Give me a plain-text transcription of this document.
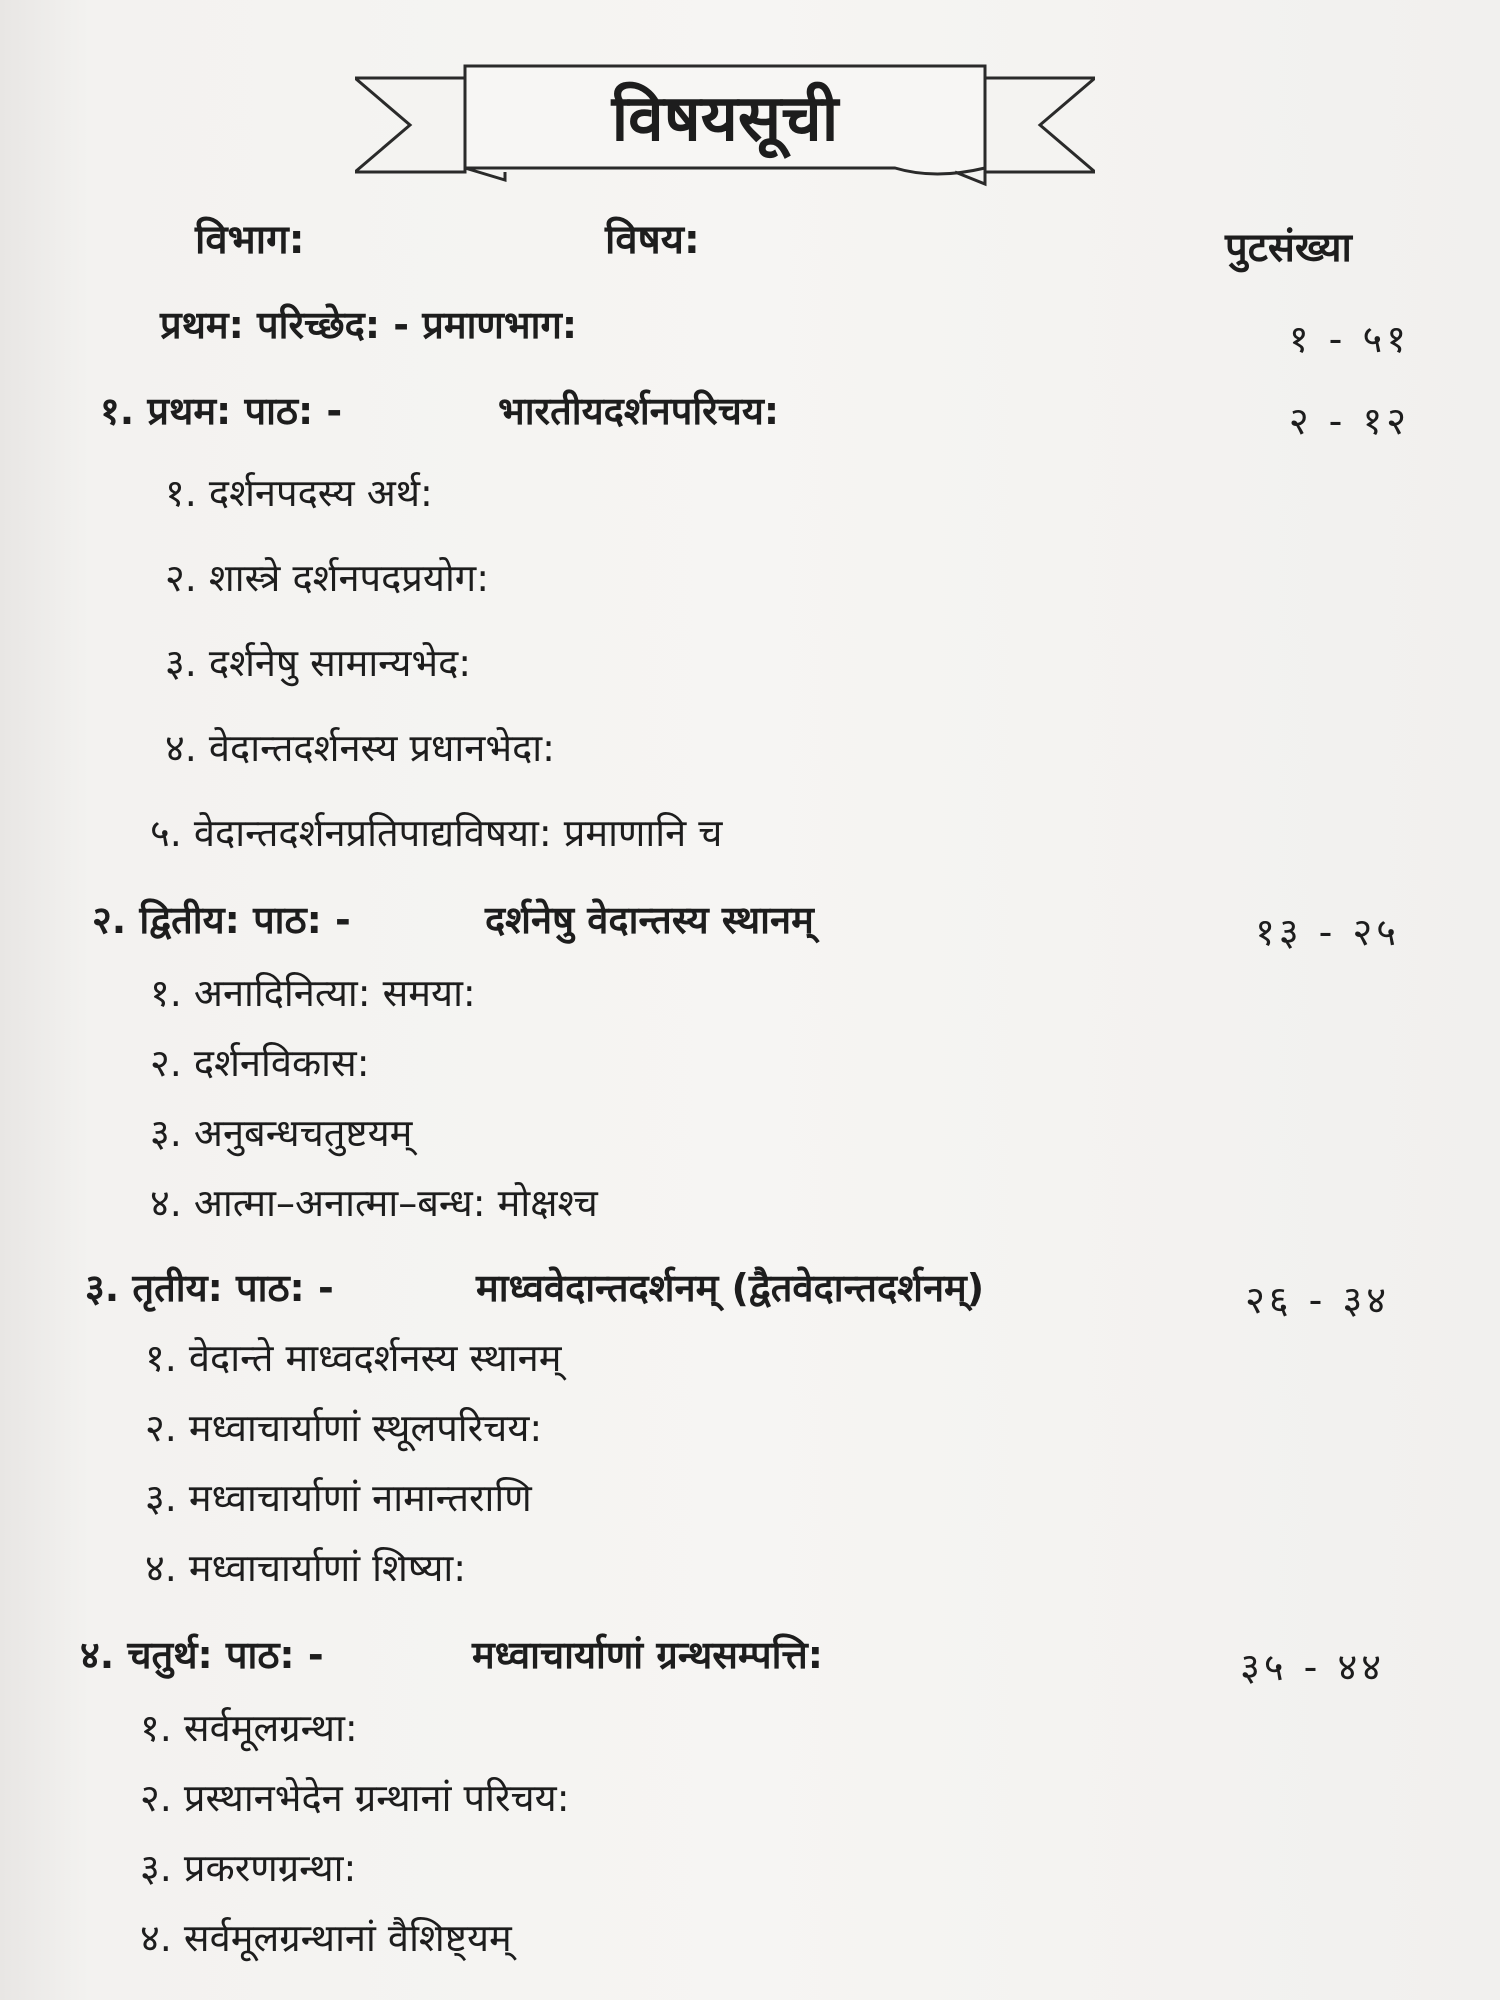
विषयसूची
विभाग:	विषय:	पुटसंख्या
प्रथम: परिच्छेद: - प्रमाणभाग:	१ - ५१
१. प्रथम: पाठ: -	भारतीयदर्शनपरिचय:	२ - १२
१. दर्शनपदस्य अर्थ:
२. शास्त्रे दर्शनपदप्रयोग:
३. दर्शनेषु सामान्यभेद:
४. वेदान्तदर्शनस्य प्रधानभेदा:
५. वेदान्तदर्शनप्रतिपाद्यविषया: प्रमाणानि च
२. द्वितीय: पाठ: -	दर्शनेषु वेदान्तस्य स्थानम्	१३ - २५
१. अनादिनित्या: समया:
२. दर्शनविकास:
३. अनुबन्धचतुष्टयम्
४. आत्मा–अनात्मा–बन्ध: मोक्षश्च
३. तृतीय: पाठ: -	माध्ववेदान्तदर्शनम् (द्वैतवेदान्तदर्शनम्)	२६ - ३४
१. वेदान्ते माध्वदर्शनस्य स्थानम्
२. मध्वाचार्याणां स्थूलपरिचय:
३. मध्वाचार्याणां नामान्तराणि
४. मध्वाचार्याणां शिष्या:
४. चतुर्थ: पाठ: -	मध्वाचार्याणां ग्रन्थसम्पत्ति:	३५ - ४४
१. सर्वमूलग्रन्था:
२. प्रस्थानभेदेन ग्रन्थानां परिचय:
३. प्रकरणग्रन्था:
४. सर्वमूलग्रन्थानां वैशिष्ट्यम्
